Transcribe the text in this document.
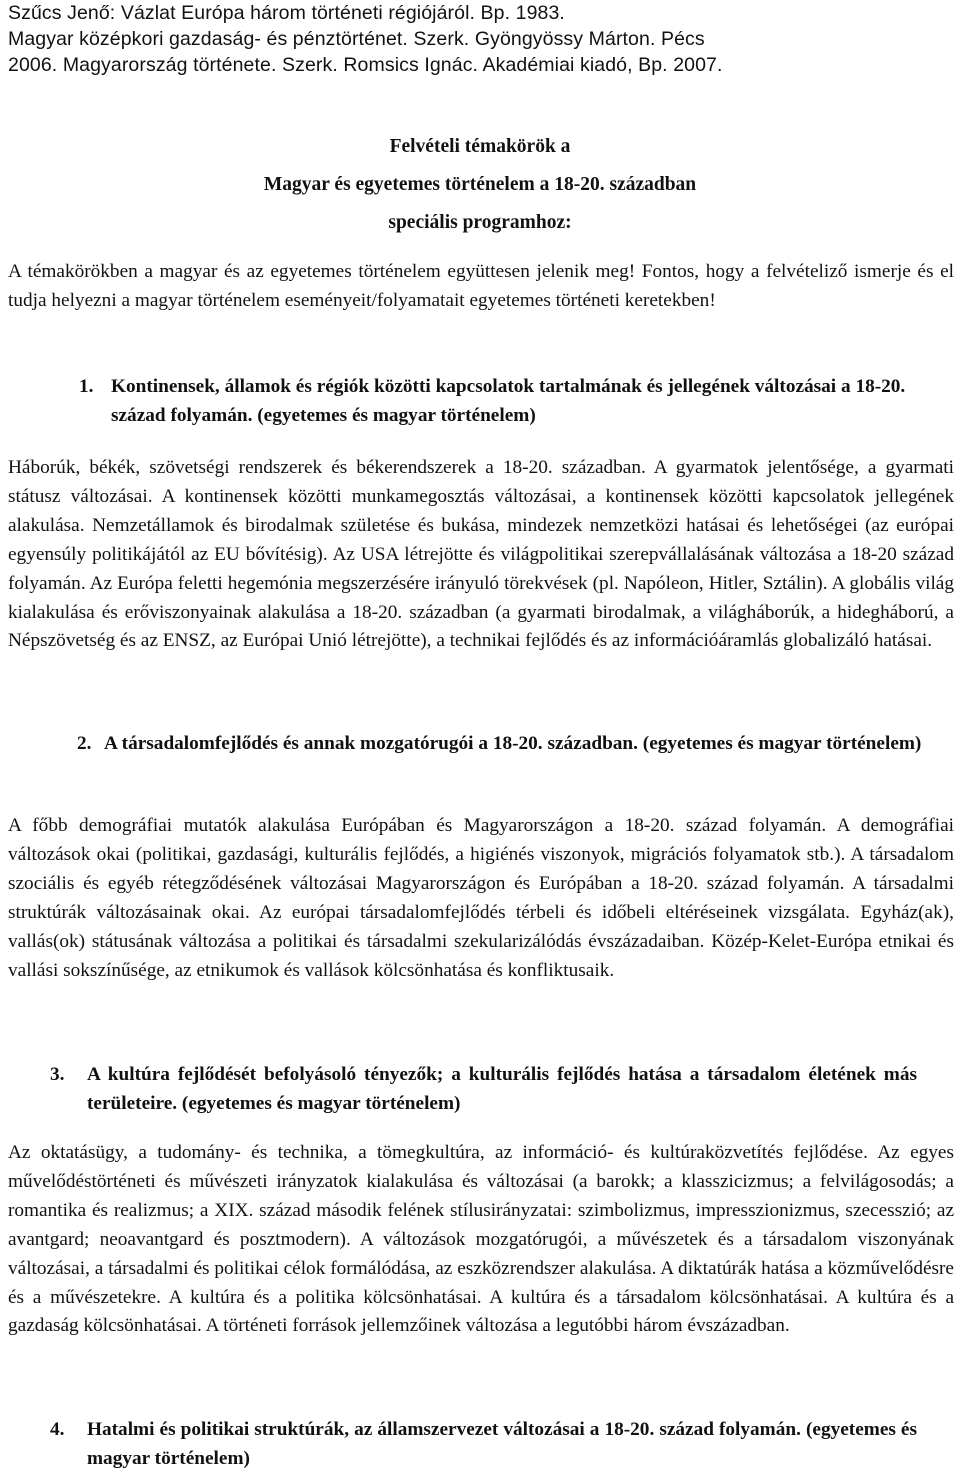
Szűcs Jenő: Vázlat Európa három történeti régiójáról. Bp. 1983.
Magyar középkori gazdaság- és pénztörténet. Szerk. Gyöngyössy Márton. Pécs
2006. Magyarország története. Szerk. Romsics Ignác. Akadémiai kiadó, Bp. 2007.
Felvételi témakörök a
Magyar és egyetemes történelem a 18-20. században
speciális programhoz:

A témakörökben a magyar és az egyetemes történelem együttesen jelenik meg! Fontos, hogy a felvételiző ismerje és el tudja helyezni a magyar történelem eseményeit/folyamatait egyetemes történeti keretekben!

1. Kontinensek, államok és régiók közötti kapcsolatok tartalmának és jellegének változásai a 18-20. század folyamán. (egyetemes és magyar történelem)

Háborúk, békék, szövetségi rendszerek és békerendszerek a 18-20. században. A gyarmatok jelentősége, a gyarmati státusz változásai. A kontinensek közötti munkamegosztás változásai, a kontinensek közötti kapcsolatok jellegének alakulása. Nemzetállamok és birodalmak születése és bukása, mindezek nemzetközi hatásai és lehetőségei (az európai egyensúly politikájától az EU bővítésig). Az USA létrejötte és világpolitikai szerepvállalásának változása a 18-20 század folyamán. Az Európa feletti hegemónia megszerzésére irányuló törekvések (pl. Napóleon, Hitler, Sztálin). A globális világ kialakulása és erőviszonyainak alakulása a 18-20. században (a gyarmati birodalmak, a világháborúk, a hidegháború, a Népszövetség és az ENSZ, az Európai Unió létrejötte), a technikai fejlődés és az információáramlás globalizáló hatásai.

2. A társadalomfejlődés és annak mozgatórugói a 18-20. században. (egyetemes és magyar történelem)

A főbb demográfiai mutatók alakulása Európában és Magyarországon a 18-20. század folyamán. A demográfiai változások okai (politikai, gazdasági, kulturális fejlődés, a higiénés viszonyok, migrációs folyamatok stb.). A társadalom szociális és egyéb rétegződésének változásai Magyarországon és Európában a 18-20. század folyamán. A társadalmi struktúrák változásainak okai. Az európai társadalomfejlődés térbeli és időbeli eltéréseinek vizsgálata. Egyház(ak), vallás(ok) státusának változása a politikai és társadalmi szekularizálódás évszázadaiban. Közép-Kelet-Európa etnikai és vallási sokszínűsége, az etnikumok és vallások kölcsönhatása és konfliktusaik.

3. A kultúra fejlődését befolyásoló tényezők; a kulturális fejlődés hatása a társadalom életének más területeire. (egyetemes és magyar történelem)

Az oktatásügy, a tudomány- és technika, a tömegkultúra, az információ- és kultúraközvetítés fejlődése. Az egyes művelődéstörténeti és művészeti irányzatok kialakulása és változásai (a barokk; a klasszicizmus; a felvilágosodás; a romantika és realizmus; a XIX. század második felének stílusirányzatai: szimbolizmus, impresszionizmus, szecesszió; az avantgard; neoavantgard és posztmodern). A változások mozgatórugói, a művészetek és a társadalom viszonyának változásai, a társadalmi és politikai célok formálódása, az eszközrendszer alakulása. A diktatúrák hatása a közművelődésre és a művészetekre. A kultúra és a politika kölcsönhatásai. A kultúra és a társadalom kölcsönhatásai. A kultúra és a gazdaság kölcsönhatásai. A történeti források jellemzőinek változása a legutóbbi három évszázadban.

4. Hatalmi és politikai struktúrák, az államszervezet változásai a 18-20. század folyamán. (egyetemes és magyar történelem)
